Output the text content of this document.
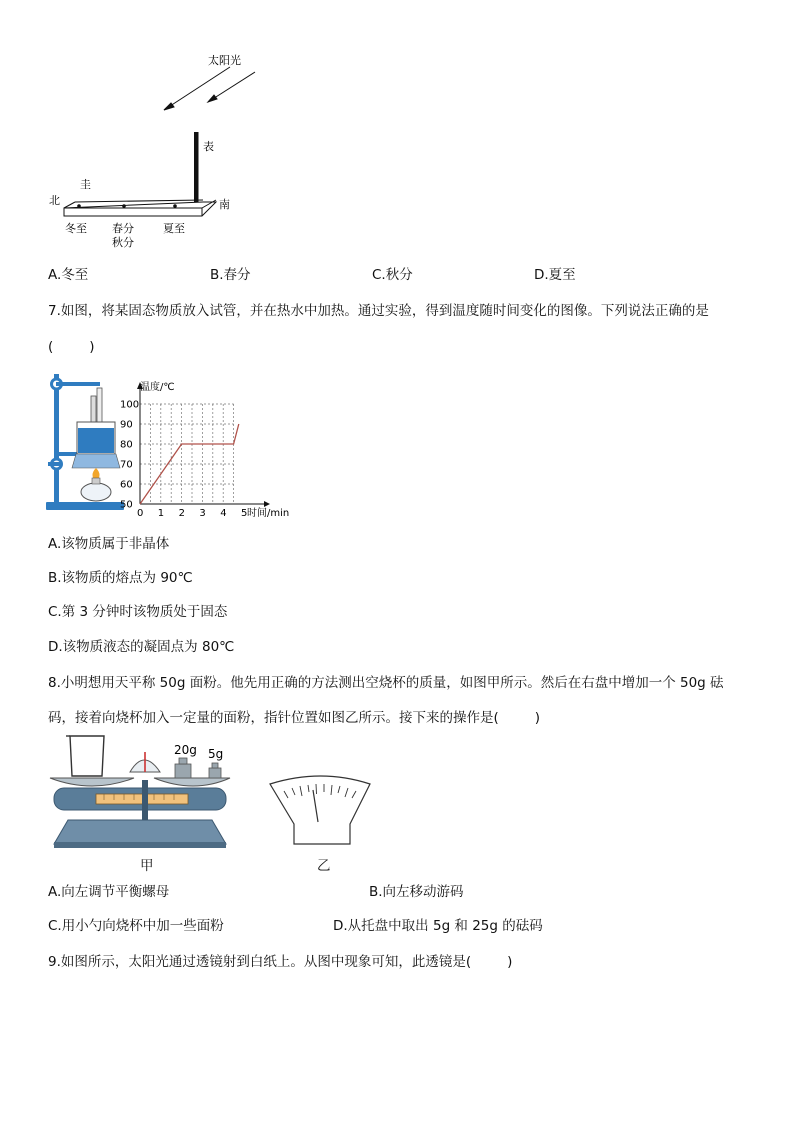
太阳光
表
圭
北	南
冬至 春分
秋分
夏至
A.冬至	B.春分	C.秋分	D.夏至
7.如图，将某固态物质放入试管，并在热水中加热。通过实验，得到温度随时间变化的图像。下列说法正确的是
(	)
0 1 2 3 4 5
50
60
70
80
90
100
温度/℃
时间/min
A.该物质属于非晶体
B.该物质的熔点为 90℃
C.第 3 分钟时该物质处于固态
D.该物质液态的凝固点为 80℃
8.小明想用天平称 50g 面粉。他先用正确的方法测出空烧杯的质量，如图甲所示。然后在右盘中增加一个 50g 砝
码，接着向烧杯加入一定量的面粉，指针位置如图乙所示。接下来的操作是(	)
20g 5g
甲	乙
A.向左调节平衡螺母	B.向左移动游码
C.用小勺向烧杯中加一些面粉	D.从托盘中取出 5g 和 25g 的砝码
9.如图所示，太阳光通过透镜射到白纸上。从图中现象可知，此透镜是(	)
